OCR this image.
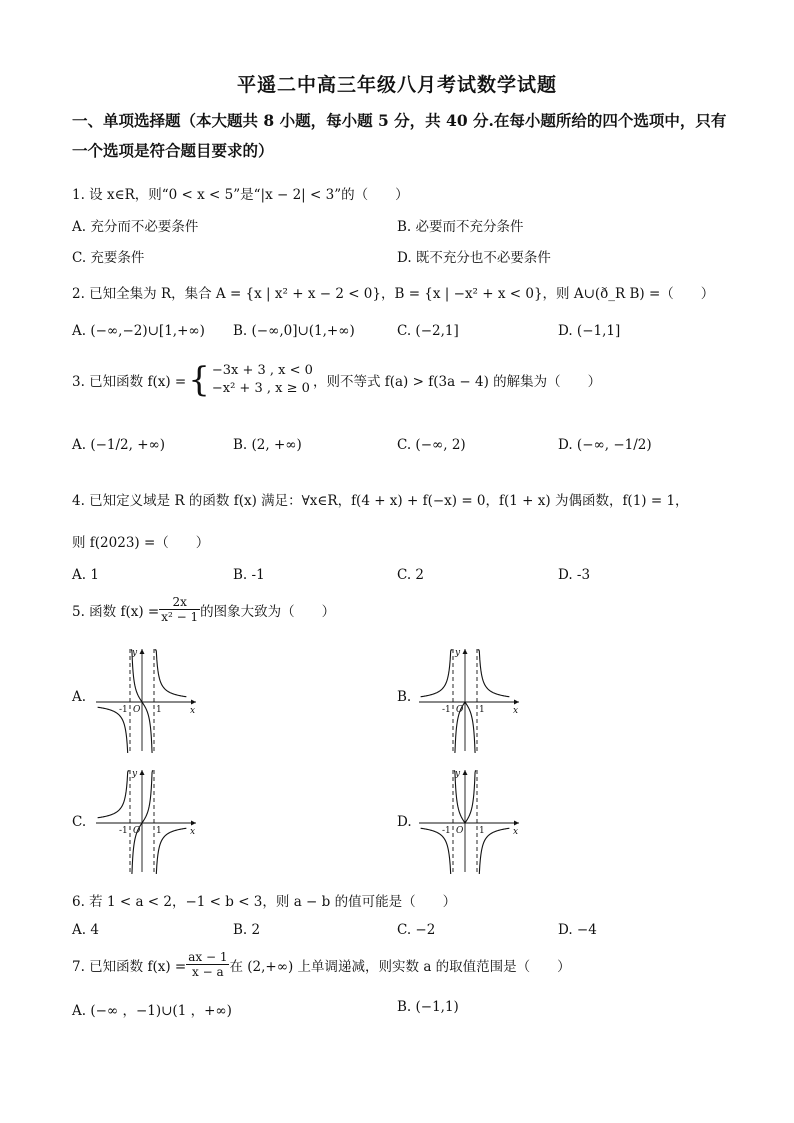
平遥二中高三年级八月考试数学试题
一、单项选择题（本大题共 8 小题，每小题 5 分，共 40 分.在每小题所给的四个选项中，只有
一个选项是符合题目要求的）
1. 设 x∈R，则“0 < x < 5”是“|x − 2| < 3”的（　　）
A. 充分而不必要条件	B. 必要而不充分条件
C. 充要条件	D. 既不充分也不必要条件
2. 已知全集为 R，集合 A = {x | x² + x − 2 < 0}，B = {x | −x² + x < 0}，则 A∪(ð_R B) =（　　）
A. (−∞,−2)∪[1,+∞) B. (−∞,0]∪(1,+∞)	C. (−2,1]	D. (−1,1]
3. 已知函数 f(x) = { −3x + 3 , x < 0
−x² + 3 , x ≥ 0 ，则不等式 f(a) > f(3a − 4) 的解集为（　　）
A. (−1/2, +∞)	B. (2, +∞)	C. (−∞, 2)	D. (−∞, −1/2)
4. 已知定义域是 R 的函数 f(x) 满足：∀x∈R，f(4 + x) + f(−x) = 0，f(1 + x) 为偶函数，f(1) = 1，
则 f(2023) =（　　）
A. 1	B. -1	C. 2	D. -3
5. 函数 $f(x) = \frac{2x}{\text{x² − 1}}$ 的图象大致为（　　）
A.	B.
C.	D.
y
x
O
-1	1
y
x
O
-1	1
y
x
O
-1	1
y
x
O
-1	1
6. 若 1 < a < 2，−1 < b < 3，则 a − b 的值可能是（　　）
A. 4	B. 2	C. −2	D. −4
7. 已知函数 $f(x) = \frac{ax - 1}{x - a}$ 在 (2,+∞) 上单调递减，则实数 a 的取值范围是（　　）
A. (−∞ ，−1)∪(1 ，+∞)	B. (−1,1)
